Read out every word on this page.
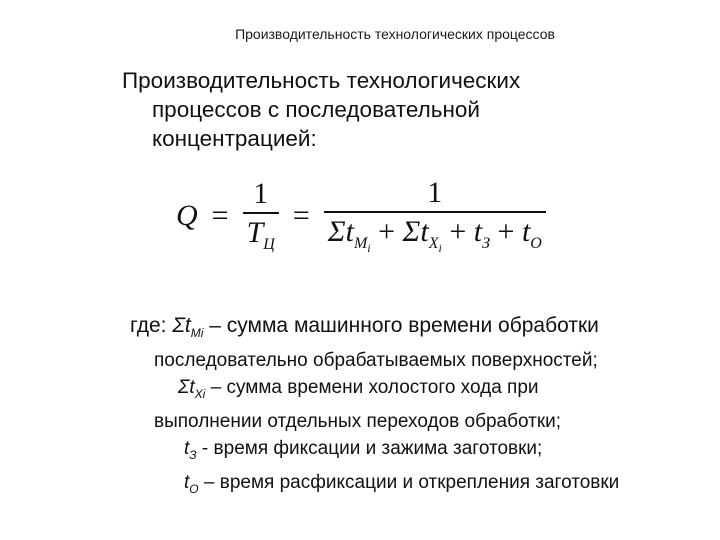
Производительность технологических процессов
Производительность технологических
процессов с последовательной
концентрацией:
$Q = \frac{1}{T_Ц} = \frac{1}{\Sigma t_{M_i} + \Sigma t_{X_i} + t_З + t_O}$
где: $\Sigma t_{Mi}$ – сумма машинного времени обработки
последовательно обрабатываемых поверхностей;
$\Sigma t_{Xi}$ – сумма времени холостого хода при
выполнении отдельных переходов обработки;
$t_З$ - время фиксации и зажима заготовки;
$t_O$ – время расфиксации и открепления заготовки
